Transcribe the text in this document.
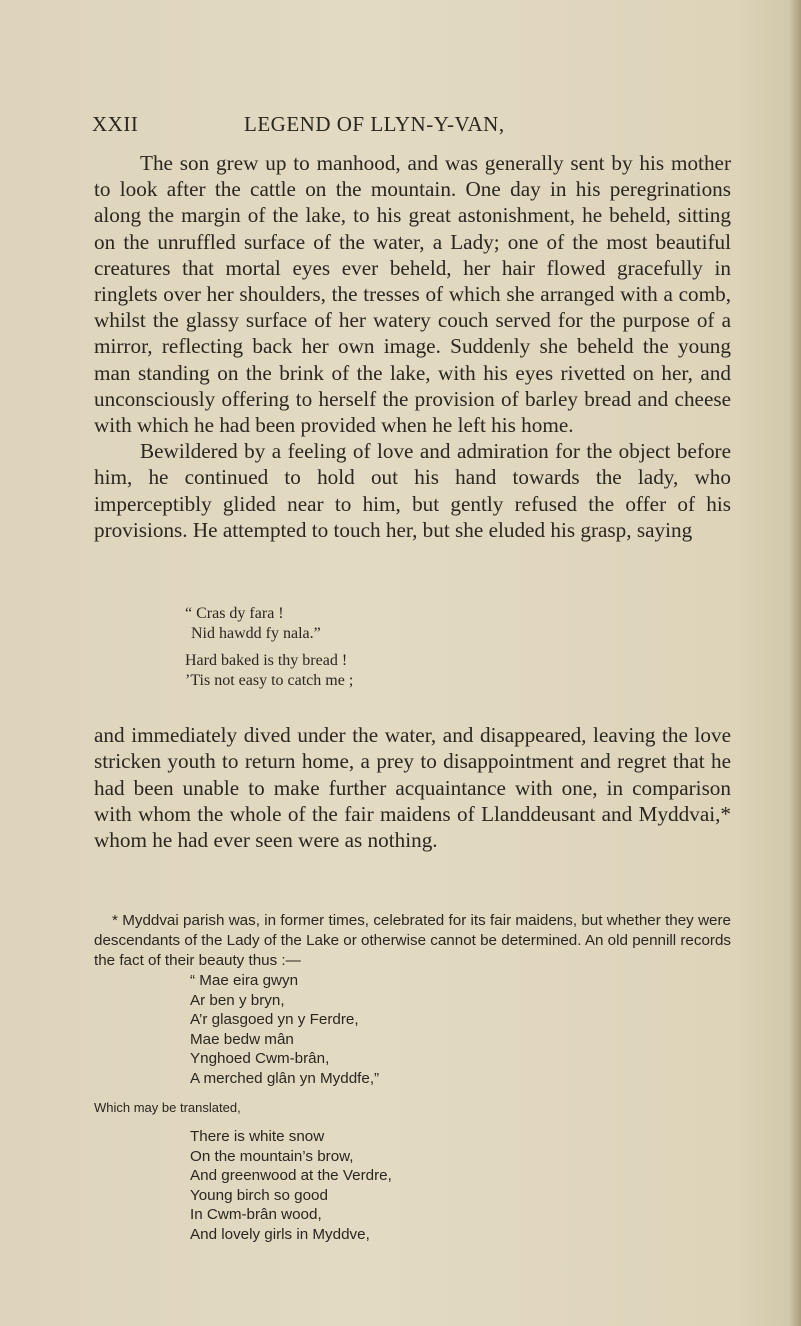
XXII	LEGEND OF LLYN-Y-VAN,

The son grew up to manhood, and was generally sent by his mother to look after the cattle on the mountain. One day in his peregrinations along the margin of the lake, to his great astonishment, he beheld, sitting on the unruffled surface of the water, a Lady; one of the most beautiful creatures that mortal eyes ever beheld, her hair flowed gracefully in ringlets over her shoulders, the tresses of which she arranged with a comb, whilst the glassy surface of her watery couch served for the purpose of a mirror, reflecting back her own image. Suddenly she beheld the young man standing on the brink of the lake, with his eyes rivetted on her, and unconsciously offering to herself the provision of barley bread and cheese with which he had been provided when he left his home.

Bewildered by a feeling of love and admiration for the object before him, he continued to hold out his hand towards the lady, who imperceptibly glided near to him, but gently refused the offer of his provisions. He attempted to touch her, but she eluded his grasp, saying

“ Cras dy fara !
Nid hawdd fy nala.”
Hard baked is thy bread !
’Tis not easy to catch me ;

and immediately dived under the water, and disappeared, leaving the love stricken youth to return home, a prey to disappointment and regret that he had been unable to make further acquaintance with one, in comparison with whom the whole of the fair maidens of Llanddeusant and Myddvai,* whom he had ever seen were as nothing.

* Myddvai parish was, in former times, celebrated for its fair maidens, but whether they were descendants of the Lady of the Lake or otherwise cannot be determined. An old pennill records the fact of their beauty thus :—

“ Mae eira gwyn
Ar ben y bryn,
A’r glasgoed yn y Ferdre,
Mae bedw mân
Ynghoed Cwm-brân,
A merched glân yn Myddfe,”
Which may be translated,
There is white snow
On the mountain’s brow,
And greenwood at the Verdre,
Young birch so good
In Cwm-brân wood,
And lovely girls in Myddve,
